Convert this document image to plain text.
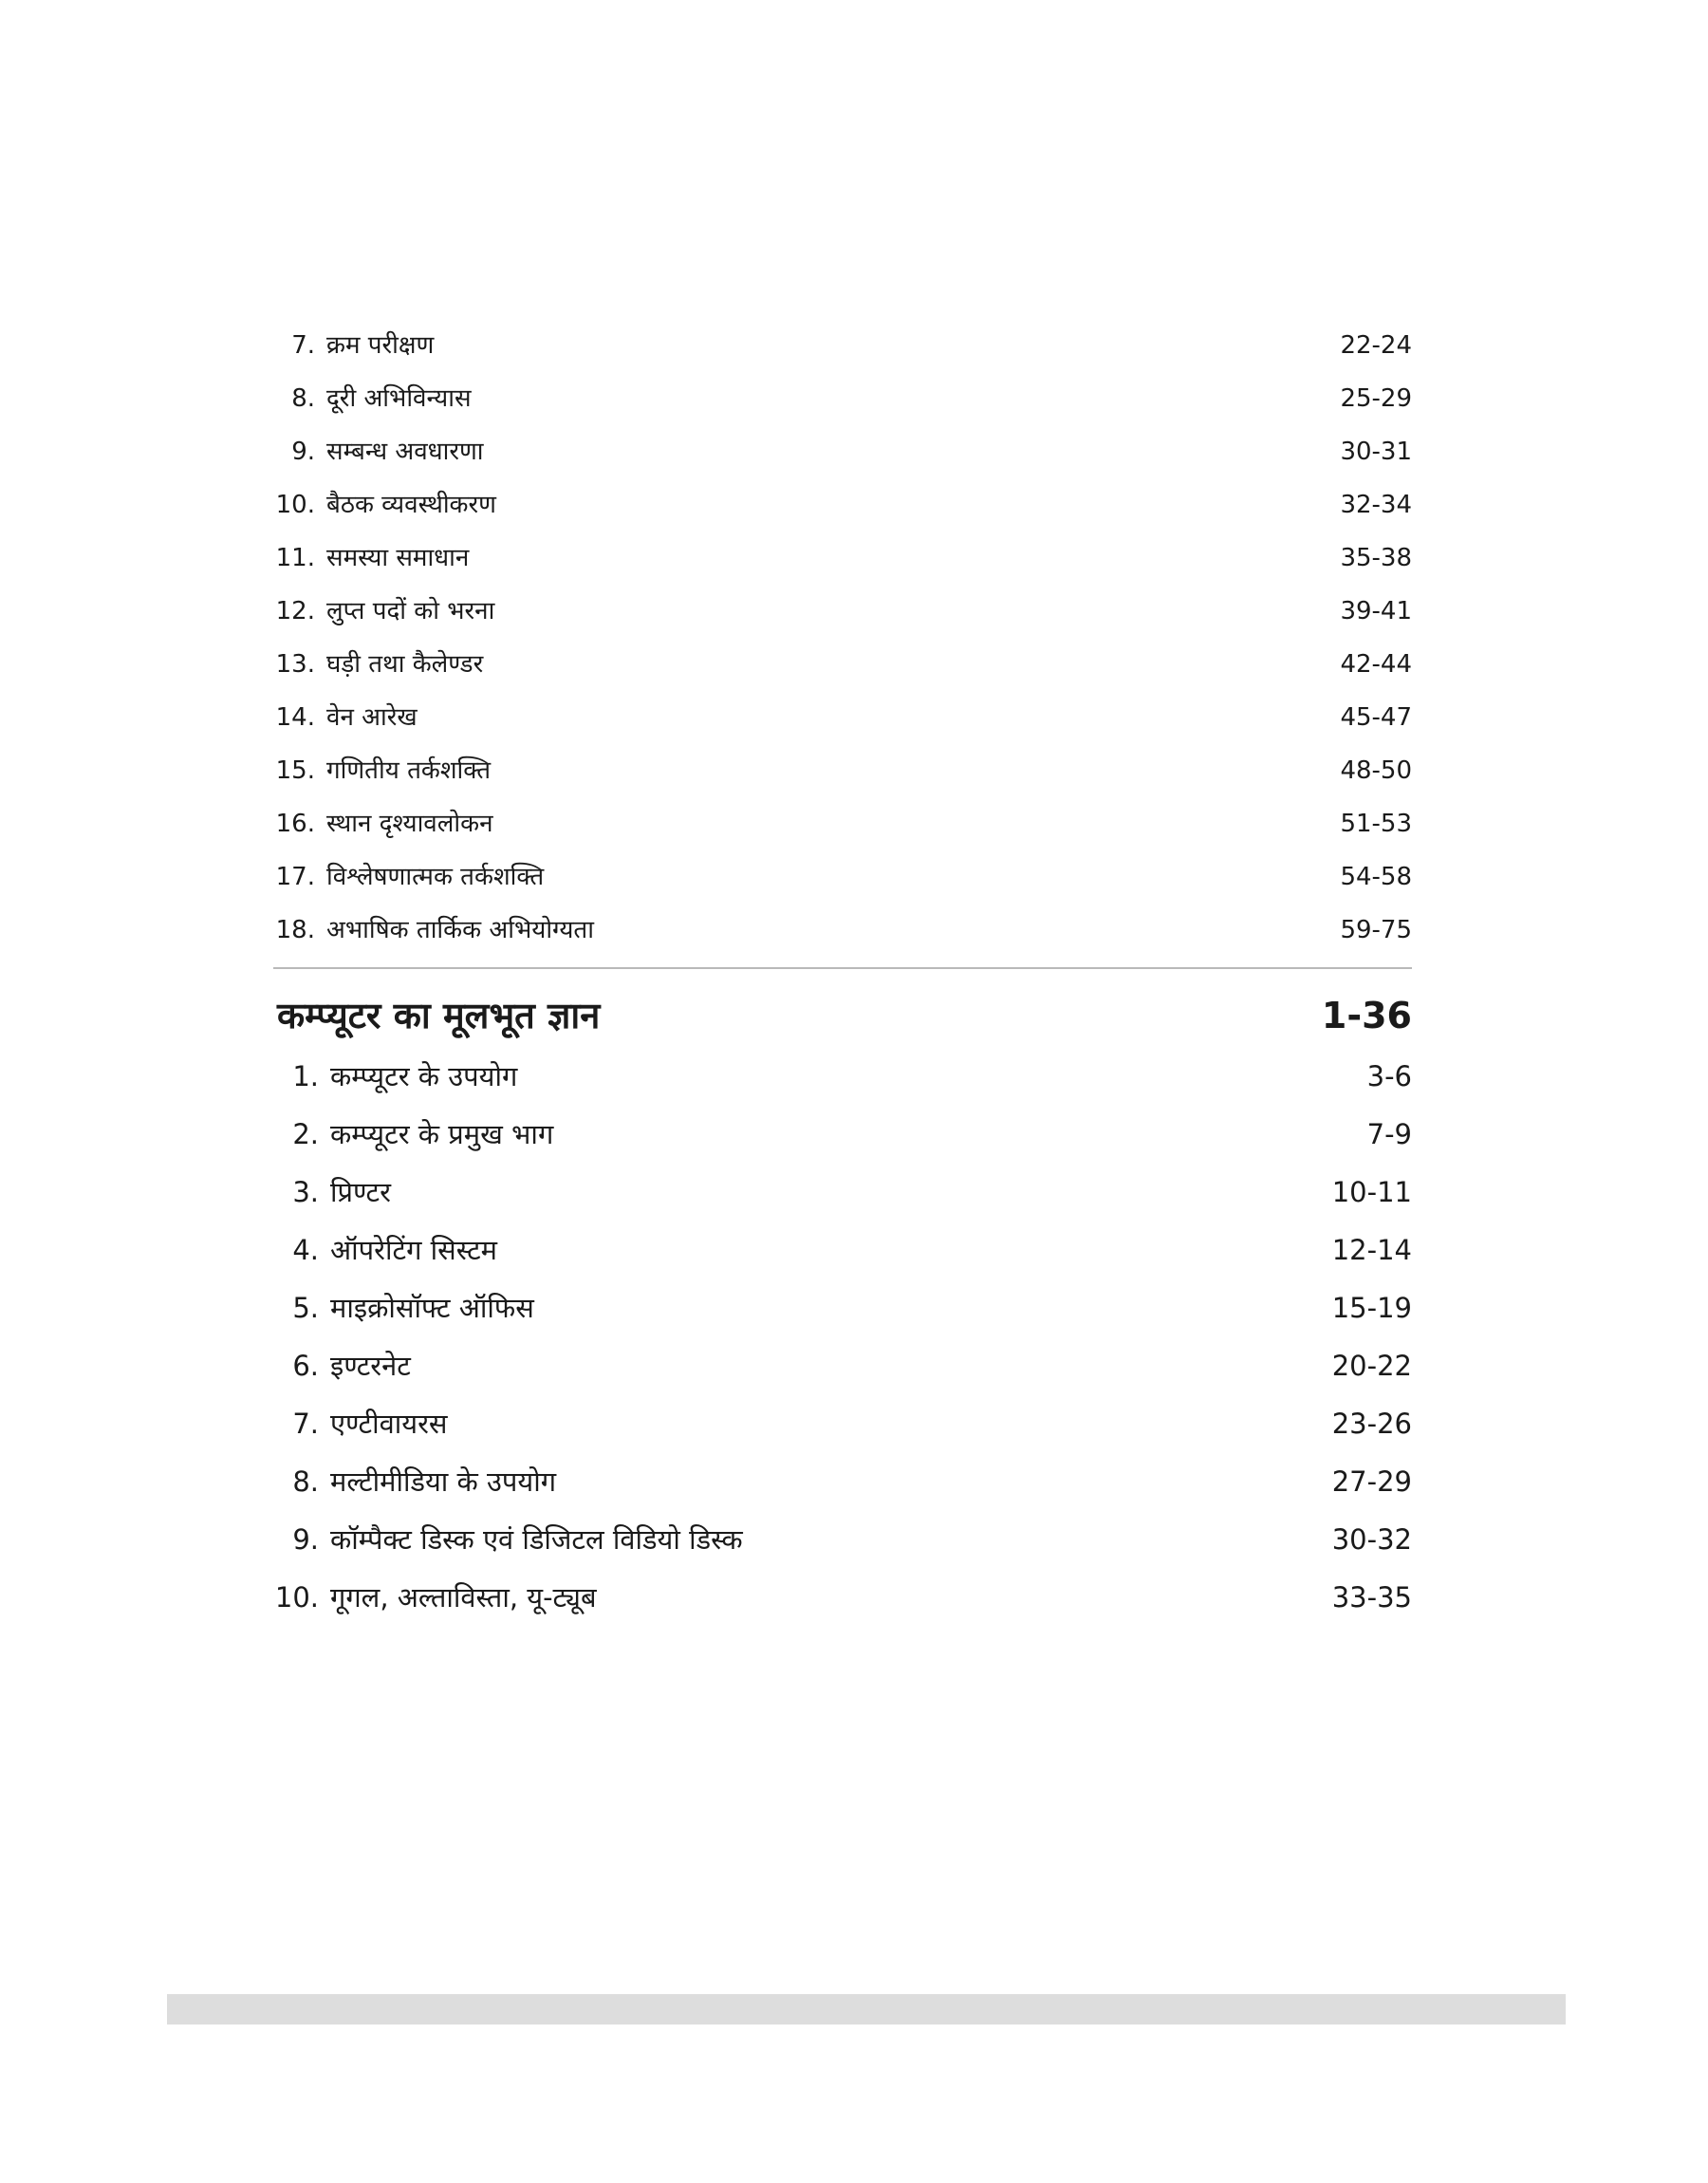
7. क्रम परीक्षण	22-24
8. दूरी अभिविन्यास	25-29
9. सम्बन्ध अवधारणा	30-31
10. बैठक व्यवस्थीकरण	32-34
11. समस्या समाधान	35-38
12. लुप्त पदों को भरना	39-41
13. घड़ी तथा कैलेण्डर	42-44
14. वेन आरेख	45-47
15. गणितीय तर्कशक्ति	48-50
16. स्थान दृश्यावलोकन	51-53
17. विश्लेषणात्मक तर्कशक्ति	54-58
18. अभाषिक तार्किक अभियोग्यता	59-75
कम्प्यूटर का मूलभूत ज्ञान	1-36
1. कम्प्यूटर के उपयोग	3-6
2. कम्प्यूटर के प्रमुख भाग	7-9
3. प्रिण्टर	10-11
4. ऑपरेटिंग सिस्टम	12-14
5. माइक्रोसॉफ्ट ऑफिस	15-19
6. इण्टरनेट	20-22
7. एण्टीवायरस	23-26
8. मल्टीमीडिया के उपयोग	27-29
9. कॉम्पैक्ट डिस्क एवं डिजिटल विडियो डिस्क	30-32
10. गूगल, अल्ताविस्ता, यू-ट्यूब	33-35
